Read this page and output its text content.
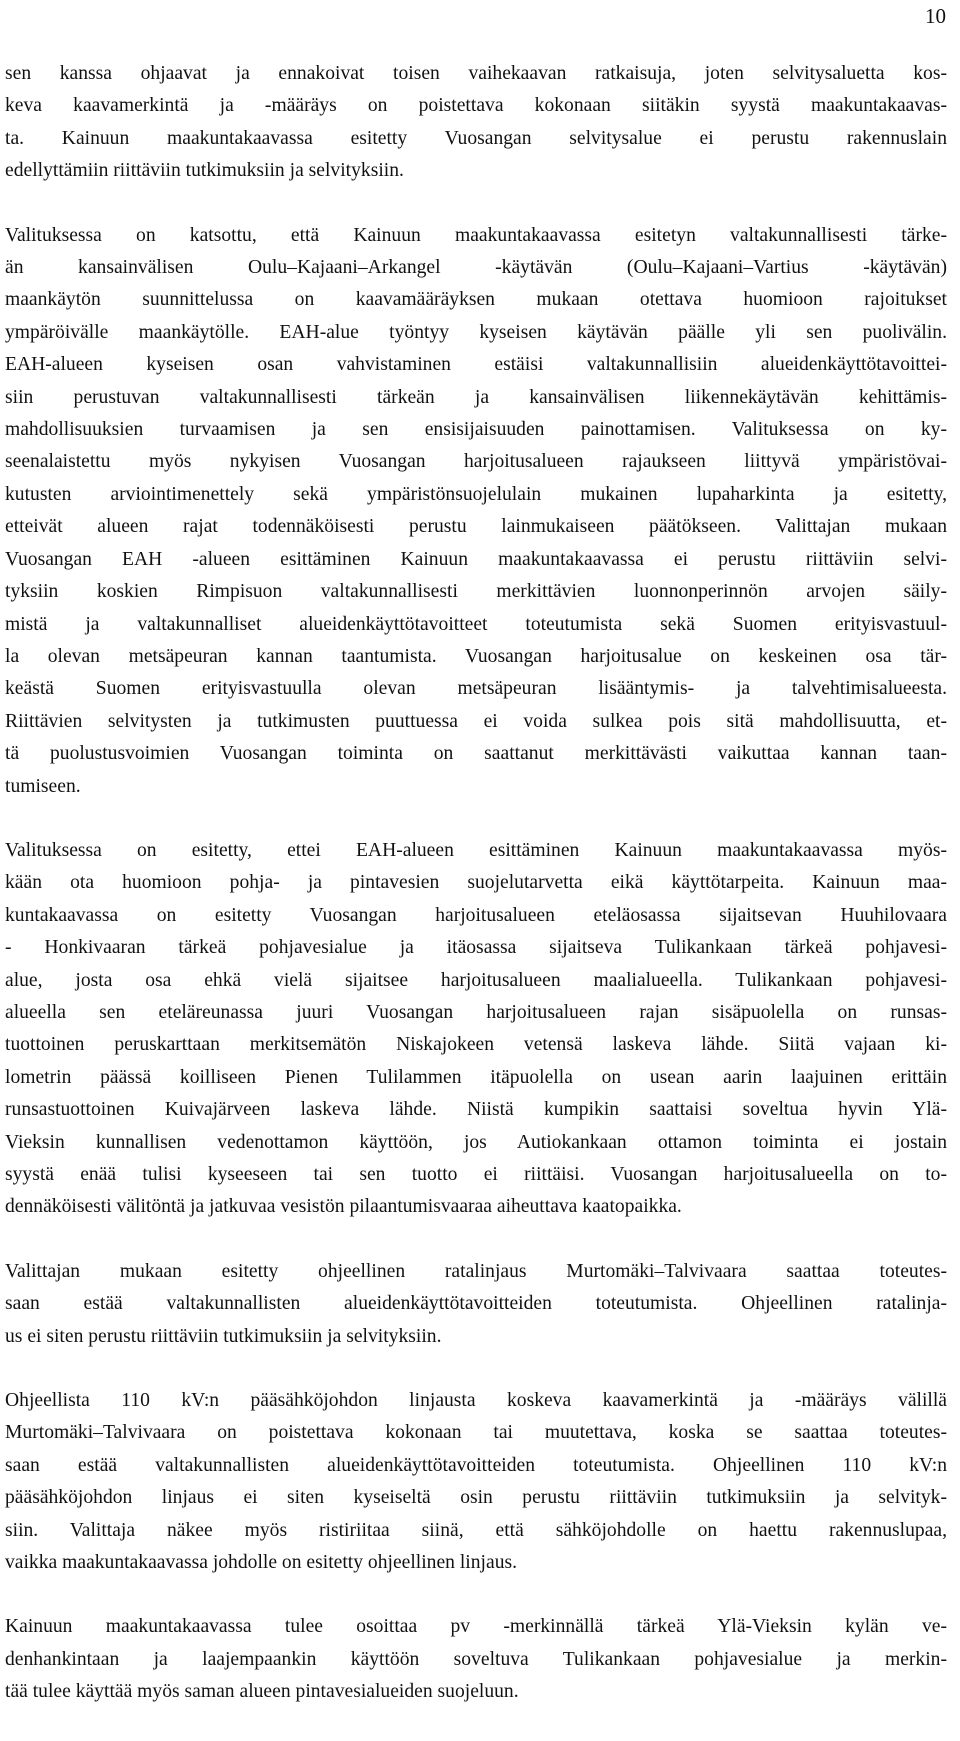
10
sen kanssa ohjaavat ja ennakoivat toisen vaihekaavan ratkaisuja, joten selvitysaluetta kos-
keva kaavamerkintä ja -määräys on poistettava kokonaan siitäkin syystä maakuntakaavas-
ta. Kainuun maakuntakaavassa esitetty Vuosangan selvitysalue ei perustu rakennuslain
edellyttämiin riittäviin tutkimuksiin ja selvityksiin.
Valituksessa on katsottu, että Kainuun maakuntakaavassa esitetyn valtakunnallisesti tärke-
än kansainvälisen Oulu–Kajaani–Arkangel -käytävän (Oulu–Kajaani–Vartius -käytävän)
maankäytön suunnittelussa on kaavamääräyksen mukaan otettava huomioon rajoitukset
ympäröivälle maankäytölle. EAH-alue työntyy kyseisen käytävän päälle yli sen puolivälin.
EAH-alueen kyseisen osan vahvistaminen estäisi valtakunnallisiin alueidenkäyttötavoittei-
siin perustuvan valtakunnallisesti tärkeän ja kansainvälisen liikennekäytävän kehittämis-
mahdollisuuksien turvaamisen ja sen ensisijaisuuden painottamisen. Valituksessa on ky-
seenalaistettu myös nykyisen Vuosangan harjoitusalueen rajaukseen liittyvä ympäristövai-
kutusten arviointimenettely sekä ympäristönsuojelulain mukainen lupaharkinta ja esitetty,
etteivät alueen rajat todennäköisesti perustu lainmukaiseen päätökseen. Valittajan mukaan
Vuosangan EAH -alueen esittäminen Kainuun maakuntakaavassa ei perustu riittäviin selvi-
tyksiin koskien Rimpisuon valtakunnallisesti merkittävien luonnonperinnön arvojen säily-
mistä ja valtakunnalliset alueidenkäyttötavoitteet toteutumista sekä Suomen erityisvastuul-
la olevan metsäpeuran kannan taantumista. Vuosangan harjoitusalue on keskeinen osa tär-
keästä Suomen erityisvastuulla olevan metsäpeuran lisääntymis- ja talvehtimisalueesta.
Riittävien selvitysten ja tutkimusten puuttuessa ei voida sulkea pois sitä mahdollisuutta, et-
tä puolustusvoimien Vuosangan toiminta on saattanut merkittävästi vaikuttaa kannan taan-
tumiseen.
Valituksessa on esitetty, ettei EAH-alueen esittäminen Kainuun maakuntakaavassa myös-
kään ota huomioon pohja- ja pintavesien suojelutarvetta eikä käyttötarpeita. Kainuun maa-
kuntakaavassa on esitetty Vuosangan harjoitusalueen eteläosassa sijaitsevan Huuhilovaara
- Honkivaaran tärkeä pohjavesialue ja itäosassa sijaitseva Tulikankaan tärkeä pohjavesi-
alue, josta osa ehkä vielä sijaitsee harjoitusalueen maalialueella. Tulikankaan pohjavesi-
alueella sen eteläreunassa juuri Vuosangan harjoitusalueen rajan sisäpuolella on runsas-
tuottoinen peruskarttaan merkitsemätön Niskajokeen vetensä laskeva lähde. Siitä vajaan ki-
lometrin päässä koilliseen Pienen Tulilammen itäpuolella on usean aarin laajuinen erittäin
runsastuottoinen Kuivajärveen laskeva lähde. Niistä kumpikin saattaisi soveltua hyvin Ylä-
Vieksin kunnallisen vedenottamon käyttöön, jos Autiokankaan ottamon toiminta ei jostain
syystä enää tulisi kyseeseen tai sen tuotto ei riittäisi. Vuosangan harjoitusalueella on to-
dennäköisesti välitöntä ja jatkuvaa vesistön pilaantumisvaaraa aiheuttava kaatopaikka.
Valittajan mukaan esitetty ohjeellinen ratalinjaus Murtomäki–Talvivaara saattaa toteutes-
saan estää valtakunnallisten alueidenkäyttötavoitteiden toteutumista. Ohjeellinen ratalinja-
us ei siten perustu riittäviin tutkimuksiin ja selvityksiin.
Ohjeellista 110 kV:n pääsähköjohdon linjausta koskeva kaavamerkintä ja -määräys välillä
Murtomäki–Talvivaara on poistettava kokonaan tai muutettava, koska se saattaa toteutes-
saan estää valtakunnallisten alueidenkäyttötavoitteiden toteutumista. Ohjeellinen 110 kV:n
pääsähköjohdon linjaus ei siten kyseiseltä osin perustu riittäviin tutkimuksiin ja selvityk-
siin. Valittaja näkee myös ristiriitaa siinä, että sähköjohdolle on haettu rakennuslupaa,
vaikka maakuntakaavassa johdolle on esitetty ohjeellinen linjaus.
Kainuun maakuntakaavassa tulee osoittaa pv -merkinnällä tärkeä Ylä-Vieksin kylän ve-
denhankintaan ja laajempaankin käyttöön soveltuva Tulikankaan pohjavesialue ja merkin-
tää tulee käyttää myös saman alueen pintavesialueiden suojeluun.
